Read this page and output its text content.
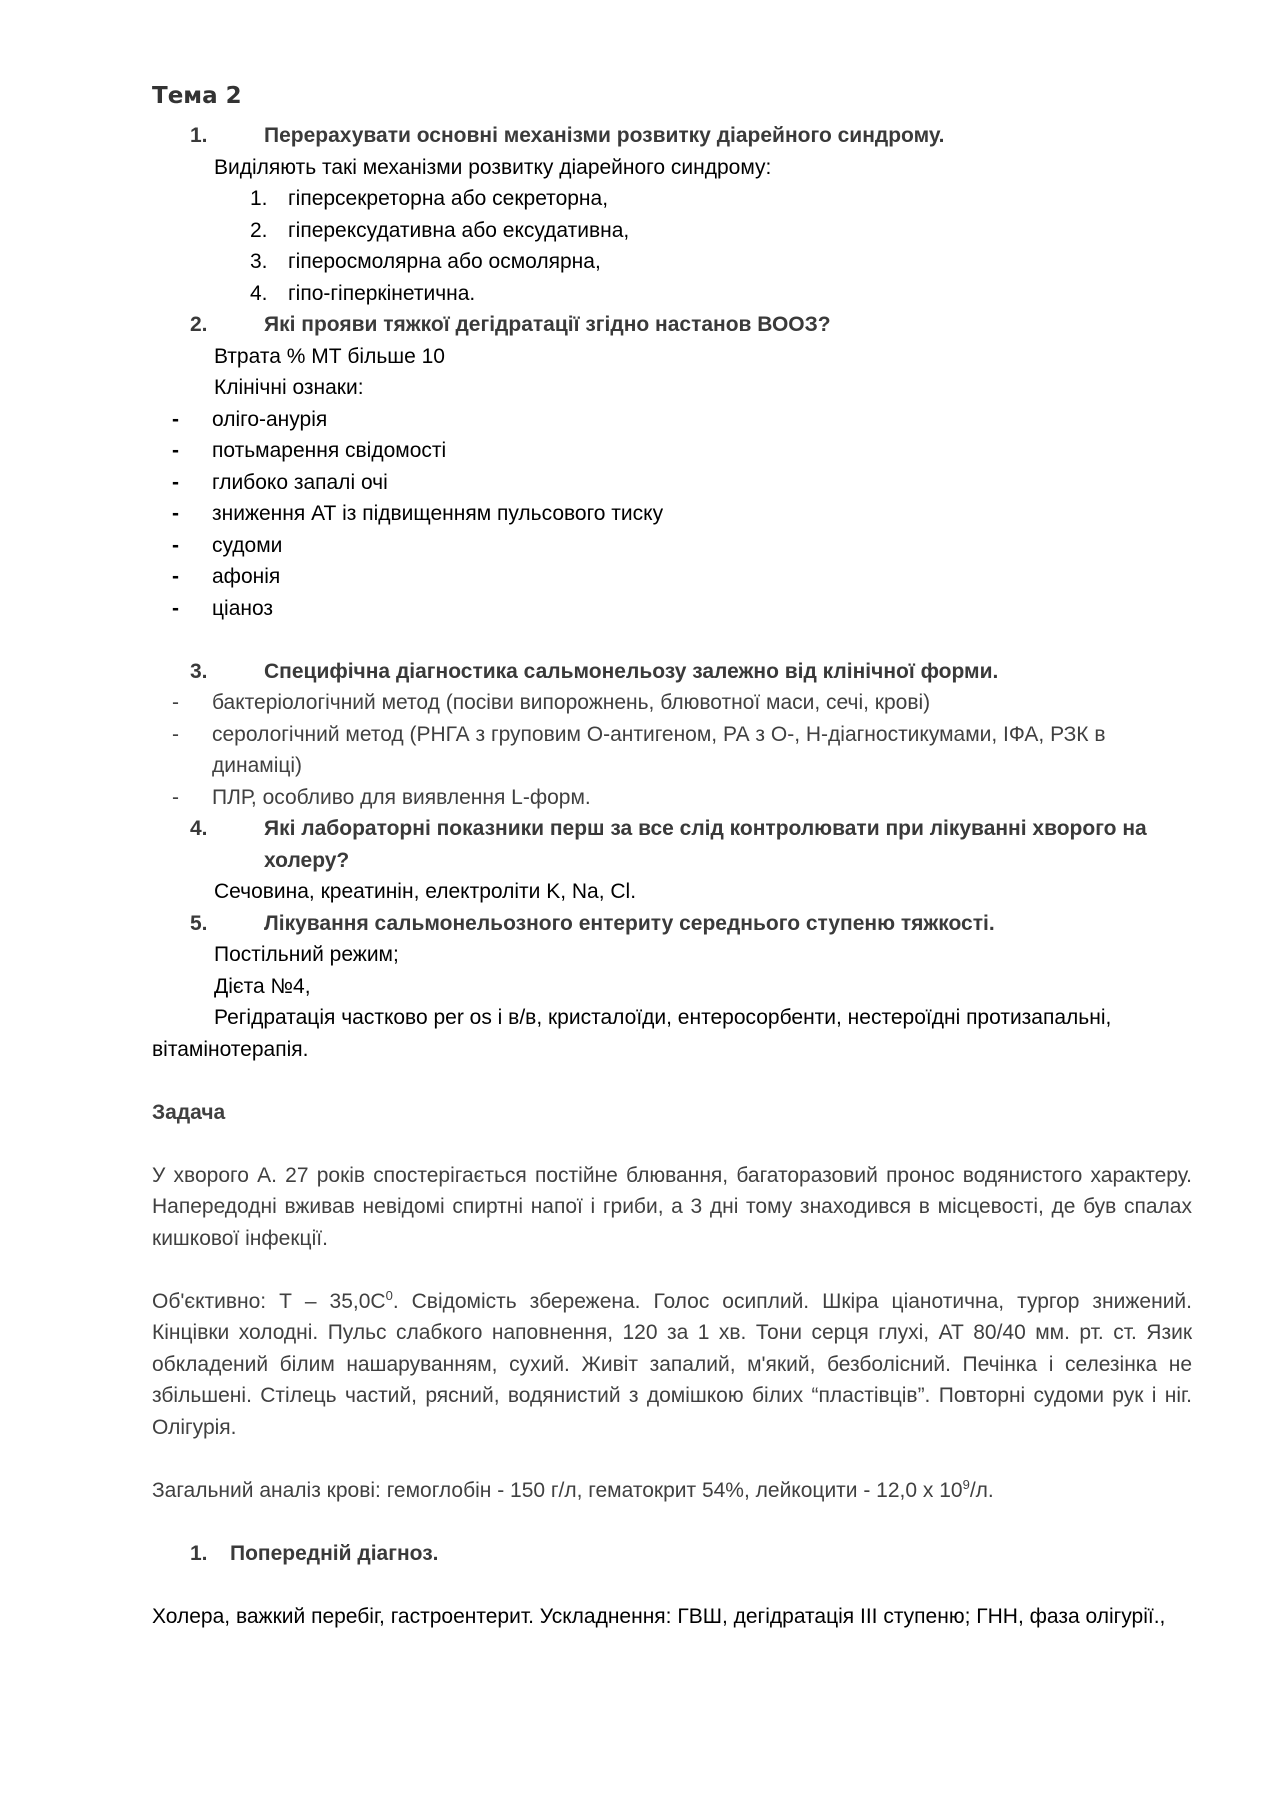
Тема 2
1.	Перерахувати основні механізми розвитку діарейного синдрому.
Виділяють такі механізми розвитку діарейного синдрому:
1. гіперсекреторна або секреторна,
2. гіперексудативна або ексудативна,
3. гіперосмолярна або осмолярна,
4. гіпо-гіперкінетична.
2.	Які прояви тяжкої дегідратації згідно настанов ВООЗ?
Втрата % МТ більше 10
Клінічні ознаки:
- оліго-анурія
- потьмарення свідомості
- глибоко запалі очі
- зниження АТ із підвищенням пульсового тиску
- судоми
- афонія
- ціаноз
3.	Специфічна діагностика сальмонельозу залежно від клінічної форми.
- бактеріологічний метод (посіви випорожнень, блювотної маси, сечі, крові)
- серологічний метод (РНГА з груповим О-антигеном, РА з О-, Н-діагностикумами, ІФА, РЗК в динаміці)
- ПЛР, особливо для виявлення L-форм.
4.	Які лабораторні показники перш за все слід контролювати при лікуванні хворого на холеру?
Сечовина, креатинін, електроліти K, Na, Cl.
5.	Лікування сальмонельозного ентериту середнього ступеню тяжкості.
Постільний режим;
Дієта №4,
Регідратація частково per os і в/в, кристалоїди, ентеросорбенти, нестероїдні протизапальні, вітамінотерапія.
Задача
У хворого А. 27 років спостерігається постійне блювання, багаторазовий пронос водянистого характеру. Напередодні вживав невідомі спиртні напої і гриби, а 3 дні тому знаходився в місцевості, де був спалах кишкової інфекції.
Об'єктивно: Т – $35,0С^0$. Свідомість збережена. Голос осиплий. Шкіра ціанотична, тургор знижений. Кінцівки холодні. Пульс слабкого наповнення, 120 за 1 хв. Тони серця глухі, АТ 80/40 мм. рт. ст. Язик обкладений білим нашаруванням, сухий. Живіт запалий, м'який, безболісний. Печінка і селезінка не збільшені. Стілець частий, рясний, водянистий з домішкою білих “пластівців”. Повторні судоми рук і ніг. Олігурія.
Загальний аналіз крові: гемоглобін - 150 г/л, гематокрит 54%, лейкоцити - 12,0 х $10^9/л$.
1. Попередній діагноз.
Холера, важкий перебіг, гастроентерит. Ускладнення: ГВШ, дегідратація ІІІ ступеню; ГНН, фаза олігурії.,
